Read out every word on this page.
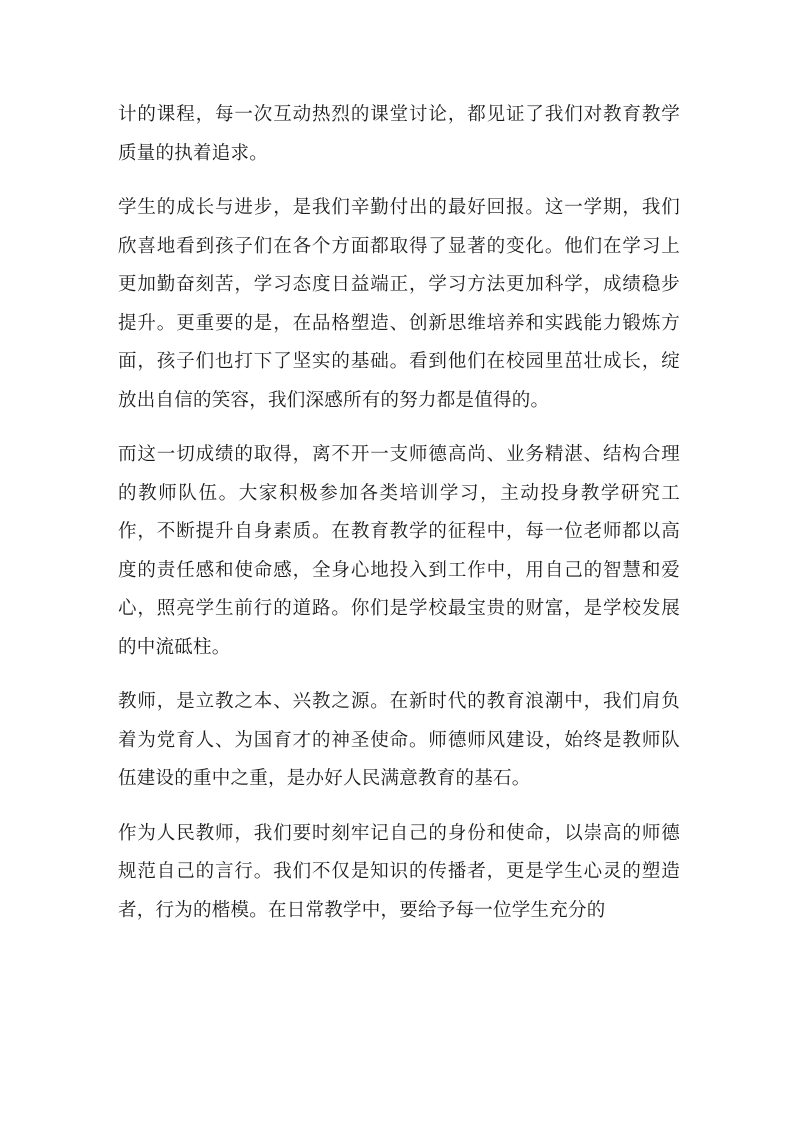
计的课程，每一次互动热烈的课堂讨论，都见证了我们对教育教学质量的执着追求。

学生的成长与进步，是我们辛勤付出的最好回报。这一学期，我们欣喜地看到孩子们在各个方面都取得了显著的变化。他们在学习上更加勤奋刻苦，学习态度日益端正，学习方法更加科学，成绩稳步提升。更重要的是，在品格塑造、创新思维培养和实践能力锻炼方面，孩子们也打下了坚实的基础。看到他们在校园里茁壮成长，绽放出自信的笑容，我们深感所有的努力都是值得的。

而这一切成绩的取得，离不开一支师德高尚、业务精湛、结构合理的教师队伍。大家积极参加各类培训学习，主动投身教学研究工作，不断提升自身素质。在教育教学的征程中，每一位老师都以高度的责任感和使命感，全身心地投入到工作中，用自己的智慧和爱心，照亮学生前行的道路。你们是学校最宝贵的财富，是学校发展的中流砥柱。

教师，是立教之本、兴教之源。在新时代的教育浪潮中，我们肩负着为党育人、为国育才的神圣使命。师德师风建设，始终是教师队伍建设的重中之重，是办好人民满意教育的基石。

作为人民教师，我们要时刻牢记自己的身份和使命，以崇高的师德规范自己的言行。我们不仅是知识的传播者，更是学生心灵的塑造者，行为的楷模。在日常教学中，要给予每一位学生充分的
